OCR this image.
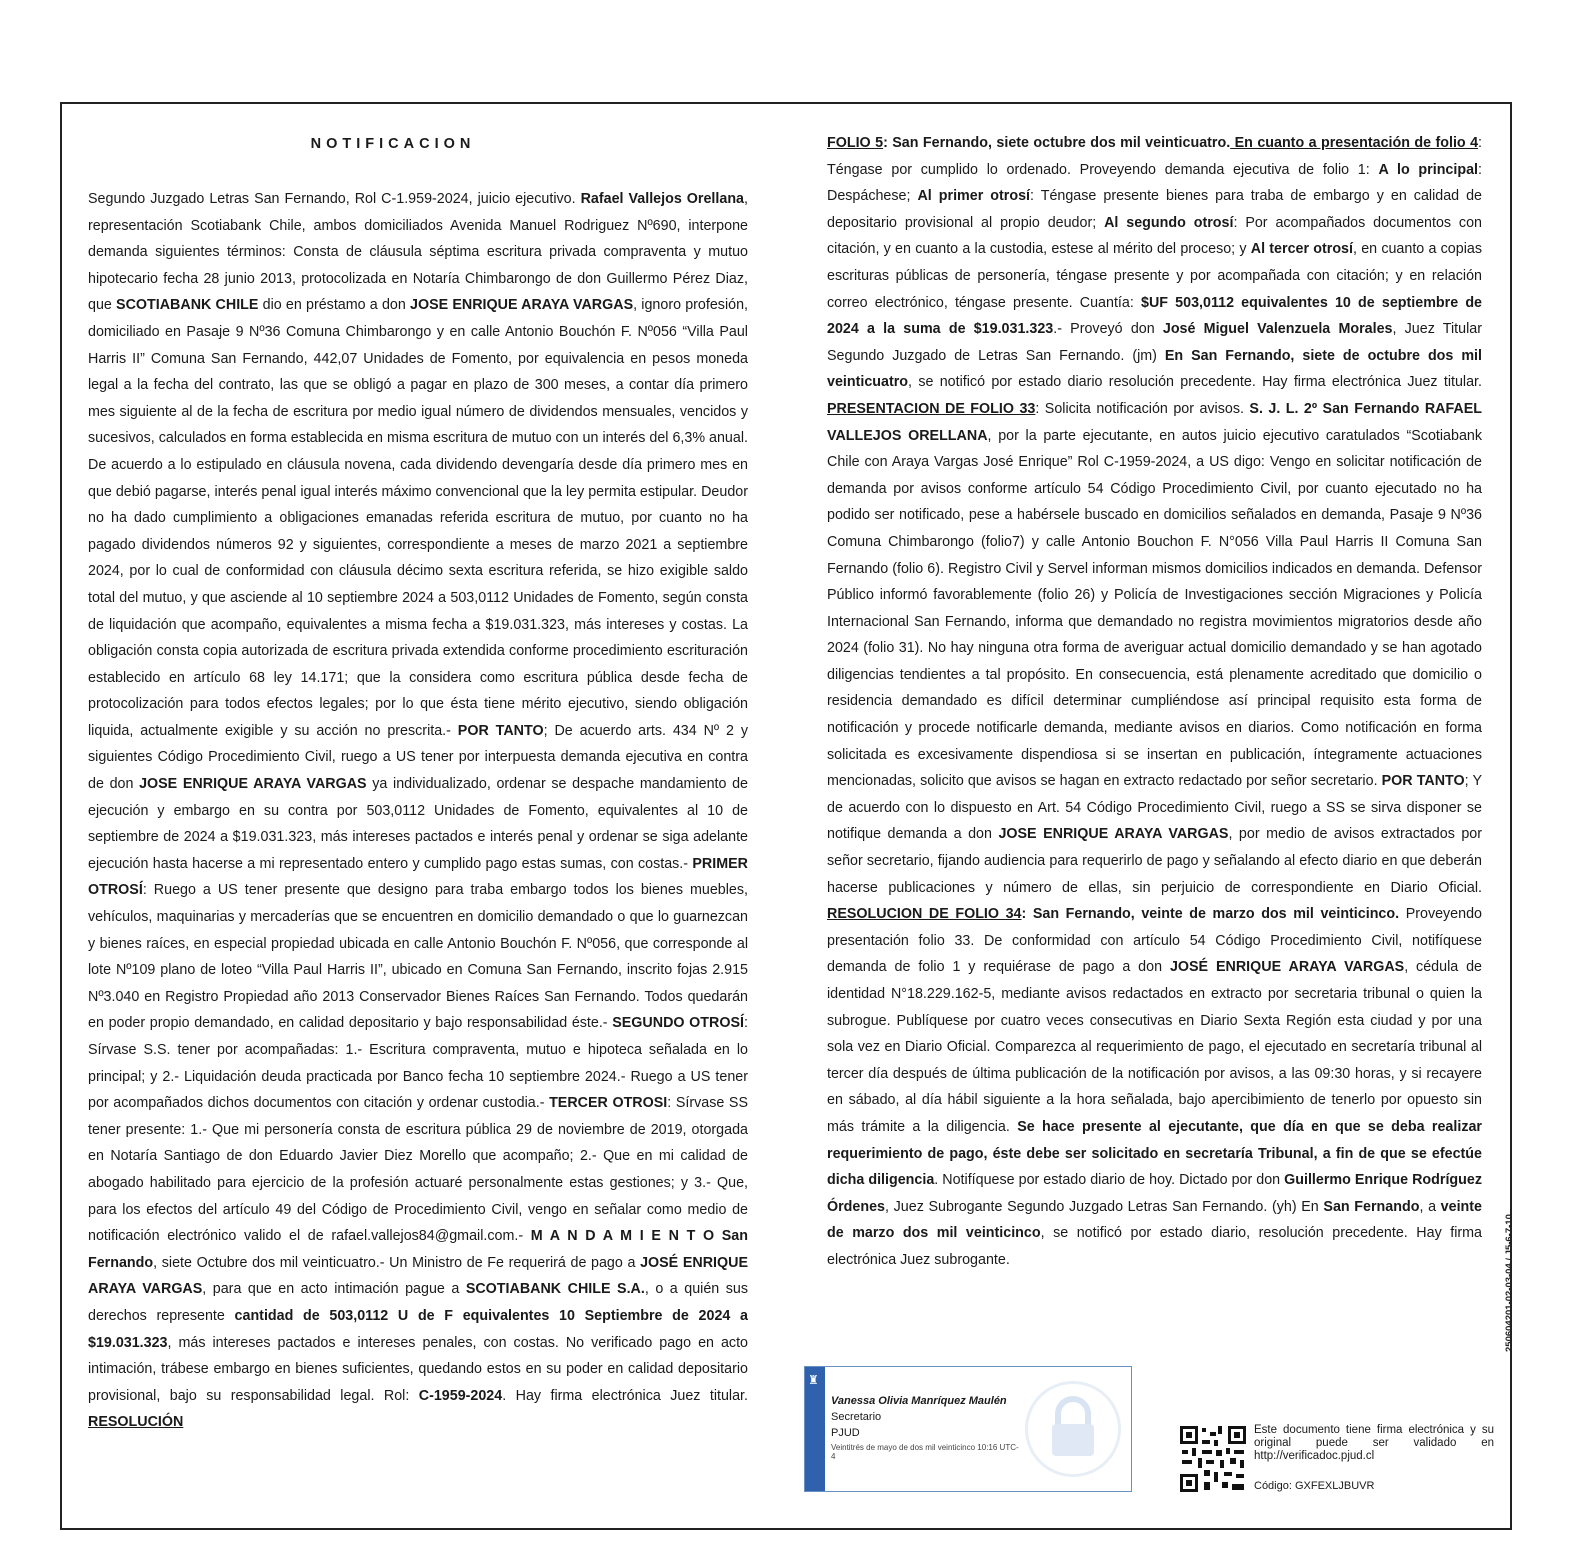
NOTIFICACION
Segundo Juzgado Letras San Fernando, Rol C-1.959-2024, juicio ejecutivo. Rafael Vallejos Orellana, representación Scotiabank Chile, ambos domiciliados Avenida Manuel Rodriguez Nº690, interpone demanda siguientes términos: Consta de cláusula séptima escritura privada compraventa y mutuo hipotecario fecha 28 junio 2013, protocolizada en Notaría Chimbarongo de don Guillermo Pérez Diaz, que SCOTIABANK CHILE dio en préstamo a don JOSE ENRIQUE ARAYA VARGAS, ignoro profesión, domiciliado en Pasaje 9 Nº36 Comuna Chimbarongo y en calle Antonio Bouchón F. Nº056 “Villa Paul Harris II” Comuna San Fernando, 442,07 Unidades de Fomento, por equivalencia en pesos moneda legal a la fecha del contrato, las que se obligó a pagar en plazo de 300 meses, a contar día primero mes siguiente al de la fecha de escritura por medio igual número de dividendos mensuales, vencidos y sucesivos, calculados en forma establecida en misma escritura de mutuo con un interés del 6,3% anual. De acuerdo a lo estipulado en cláusula novena, cada dividendo devengaría desde día primero mes en que debió pagarse, interés penal igual interés máximo convencional que la ley permita estipular. Deudor no ha dado cumplimiento a obligaciones emanadas referida escritura de mutuo, por cuanto no ha pagado dividendos números 92 y siguientes, correspondiente a meses de marzo 2021 a septiembre 2024, por lo cual de conformidad con cláusula décimo sexta escritura referida, se hizo exigible saldo total del mutuo, y que asciende al 10 septiembre 2024 a 503,0112 Unidades de Fomento, según consta de liquidación que acompaño, equivalentes a misma fecha a $19.031.323, más intereses y costas. La obligación consta copia autorizada de escritura privada extendida conforme procedimiento escrituración establecido en artículo 68 ley 14.171; que la considera como escritura pública desde fecha de protocolización para todos efectos legales; por lo que ésta tiene mérito ejecutivo, siendo obligación liquida, actualmente exigible y su acción no prescrita.- POR TANTO; De acuerdo arts. 434 Nº 2 y siguientes Código Procedimiento Civil, ruego a US tener por interpuesta demanda ejecutiva en contra de don JOSE ENRIQUE ARAYA VARGAS ya individualizado, ordenar se despache mandamiento de ejecución y embargo en su contra por 503,0112 Unidades de Fomento, equivalentes al 10 de septiembre de 2024 a $19.031.323, más intereses pactados e interés penal y ordenar se siga adelante ejecución hasta hacerse a mi representado entero y cumplido pago estas sumas, con costas.- PRIMER OTROSÍ: Ruego a US tener presente que designo para traba embargo todos los bienes muebles, vehículos, maquinarias y mercaderías que se encuentren en domicilio demandado o que lo guarnezcan y bienes raíces, en especial propiedad ubicada en calle Antonio Bouchón F. Nº056, que corresponde al lote Nº109 plano de loteo “Villa Paul Harris II”, ubicado en Comuna San Fernando, inscrito fojas 2.915 Nº3.040 en Registro Propiedad año 2013 Conservador Bienes Raíces San Fernando. Todos quedarán en poder propio demandado, en calidad depositario y bajo responsabilidad éste.- SEGUNDO OTROSÍ: Sírvase S.S. tener por acompañadas: 1.- Escritura compraventa, mutuo e hipoteca señalada en lo principal; y 2.- Liquidación deuda practicada por Banco fecha 10 septiembre 2024.- Ruego a US tener por acompañados dichos documentos con citación y ordenar custodia.- TERCER OTROSI: Sírvase SS tener presente: 1.- Que mi personería consta de escritura pública 29 de noviembre de 2019, otorgada en Notaría Santiago de don Eduardo Javier Diez Morello que acompaño; 2.- Que en mi calidad de abogado habilitado para ejercicio de la profesión actuaré personalmente estas gestiones; y 3.- Que, para los efectos del artículo 49 del Código de Procedimiento Civil, vengo en señalar como medio de notificación electrónico valido el de rafael.vallejos84@gmail.com.- M A N D A M I E N T O San Fernando, siete Octubre dos mil veinticuatro.- Un Ministro de Fe requerirá de pago a JOSÉ ENRIQUE ARAYA VARGAS, para que en acto intimación pague a SCOTIABANK CHILE S.A., o a quién sus derechos represente cantidad de 503,0112 U de F equivalentes 10 Septiembre de 2024 a $19.031.323, más intereses pactados e intereses penales, con costas. No verificado pago en acto intimación, trábese embargo en bienes suficientes, quedando estos en su poder en calidad depositario provisional, bajo su responsabilidad legal. Rol: C-1959-2024. Hay firma electrónica Juez titular. RESOLUCIÓN
FOLIO 5: San Fernando, siete octubre dos mil veinticuatro. En cuanto a presentación de folio 4: Téngase por cumplido lo ordenado. Proveyendo demanda ejecutiva de folio 1: A lo principal: Despáchese; Al primer otrosí: Téngase presente bienes para traba de embargo y en calidad de depositario provisional al propio deudor; Al segundo otrosí: Por acompañados documentos con citación, y en cuanto a la custodia, estese al mérito del proceso; y Al tercer otrosí, en cuanto a copias escrituras públicas de personería, téngase presente y por acompañada con citación; y en relación correo electrónico, téngase presente. Cuantía: $UF 503,0112 equivalentes 10 de septiembre de 2024 a la suma de $19.031.323.- Proveyó don José Miguel Valenzuela Morales, Juez Titular Segundo Juzgado de Letras San Fernando. (jm) En San Fernando, siete de octubre dos mil veinticuatro, se notificó por estado diario resolución precedente. Hay firma electrónica Juez titular. PRESENTACION DE FOLIO 33: Solicita notificación por avisos. S. J. L. 2º San Fernando RAFAEL VALLEJOS ORELLANA, por la parte ejecutante, en autos juicio ejecutivo caratulados “Scotiabank Chile con Araya Vargas José Enrique” Rol C-1959-2024, a US digo: Vengo en solicitar notificación de demanda por avisos conforme artículo 54 Código Procedimiento Civil, por cuanto ejecutado no ha podido ser notificado, pese a habérsele buscado en domicilios señalados en demanda, Pasaje 9 Nº36 Comuna Chimbarongo (folio7) y calle Antonio Bouchon F. N°056 Villa Paul Harris II Comuna San Fernando (folio 6). Registro Civil y Servel informan mismos domicilios indicados en demanda. Defensor Público informó favorablemente (folio 26) y Policía de Investigaciones sección Migraciones y Policía Internacional San Fernando, informa que demandado no registra movimientos migratorios desde año 2024 (folio 31). No hay ninguna otra forma de averiguar actual domicilio demandado y se han agotado diligencias tendientes a tal propósito. En consecuencia, está plenamente acreditado que domicilio o residencia demandado es difícil determinar cumpliéndose así principal requisito esta forma de notificación y procede notificarle demanda, mediante avisos en diarios. Como notificación en forma solicitada es excesivamente dispendiosa si se insertan en publicación, íntegramente actuaciones mencionadas, solicito que avisos se hagan en extracto redactado por señor secretario. POR TANTO; Y de acuerdo con lo dispuesto en Art. 54 Código Procedimiento Civil, ruego a SS se sirva disponer se notifique demanda a don JOSE ENRIQUE ARAYA VARGAS, por medio de avisos extractados por señor secretario, fijando audiencia para requerirlo de pago y señalando al efecto diario en que deberán hacerse publicaciones y número de ellas, sin perjuicio de correspondiente en Diario Oficial. RESOLUCION DE FOLIO 34: San Fernando, veinte de marzo dos mil veinticinco. Proveyendo presentación folio 33. De conformidad con artículo 54 Código Procedimiento Civil, notifíquese demanda de folio 1 y requiérase de pago a don JOSÉ ENRIQUE ARAYA VARGAS, cédula de identidad N°18.229.162-5, mediante avisos redactados en extracto por secretaria tribunal o quien la subrogue. Publíquese por cuatro veces consecutivas en Diario Sexta Región esta ciudad y por una sola vez en Diario Oficial. Comparezca al requerimiento de pago, el ejecutado en secretaría tribunal al tercer día después de última publicación de la notificación por avisos, a las 09:30 horas, y si recayere en sábado, al día hábil siguiente a la hora señalada, bajo apercibimiento de tenerlo por opuesto sin más trámite a la diligencia. Se hace presente al ejecutante, que día en que se deba realizar requerimiento de pago, éste debe ser solicitado en secretaría Tribunal, a fin de que se efectúe dicha diligencia. Notifíquese por estado diario de hoy. Dictado por don Guillermo Enrique Rodríguez Órdenes, Juez Subrogante Segundo Juzgado Letras San Fernando. (yh) En San Fernando, a veinte de marzo dos mil veinticinco, se notificó por estado diario, resolución precedente. Hay firma electrónica Juez subrogante.
♜
Vanessa Olivia Manríquez Maulén
Secretario
PJUD
Veintitrés de mayo de dos mil veinticinco 10:16 UTC-4
Este documento tiene firma electrónica y su original puede ser validado en http://verificadoc.pjud.cl
Código: GXFEXLJBUVR
250604201-02-03-04 / J5-6-7-10
